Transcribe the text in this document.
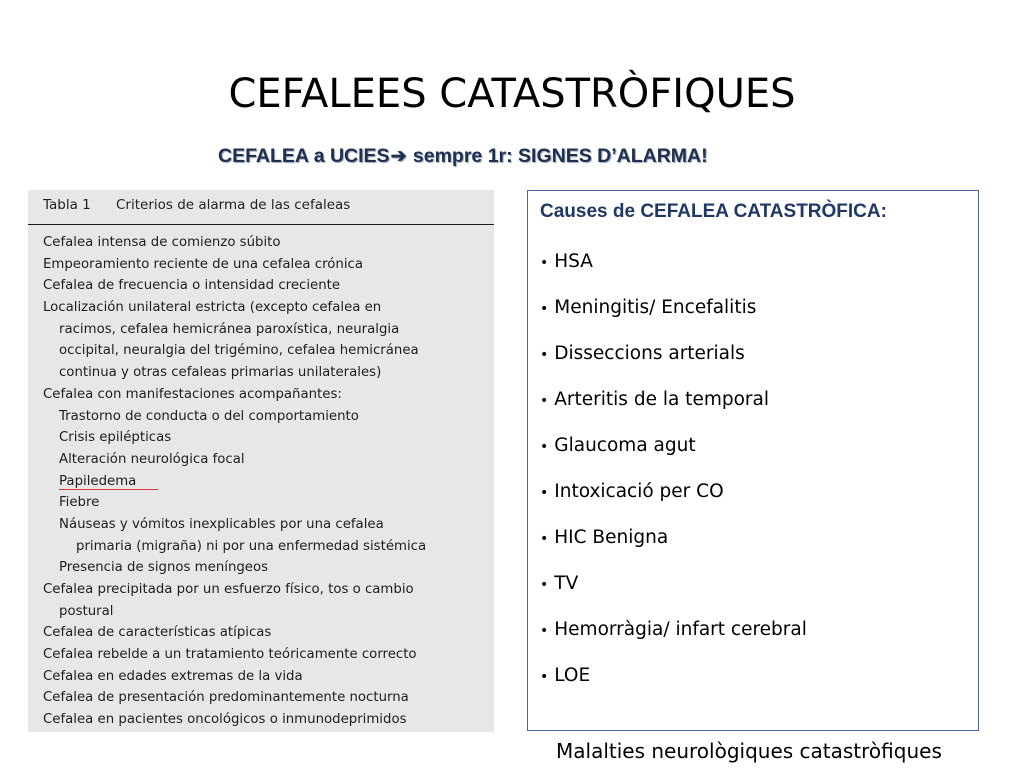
CEFALEES CATASTRÒFIQUES
CEFALEA a UCIES➔ sempre 1r: SIGNES D’ALARMA!
Tabla 1 Criterios de alarma de las cefaleas
Cefalea intensa de comienzo súbito
Empeoramiento reciente de una cefalea crónica
Cefalea de frecuencia o intensidad creciente
Localización unilateral estricta (excepto cefalea en
racimos, cefalea hemicránea paroxística, neuralgia
occipital, neuralgia del trigémino, cefalea hemicránea
continua y otras cefaleas primarias unilaterales)
Cefalea con manifestaciones acompañantes:
Trastorno de conducta o del comportamiento
Crisis epilépticas
Alteración neurológica focal
Papiledema
Fiebre
Náuseas y vómitos inexplicables por una cefalea
primaria (migraña) ni por una enfermedad sistémica
Presencia de signos meníngeos
Cefalea precipitada por un esfuerzo físico, tos o cambio
postural
Cefalea de características atípicas
Cefalea rebelde a un tratamiento teóricamente correcto
Cefalea en edades extremas de la vida
Cefalea de presentación predominantemente nocturna
Cefalea en pacientes oncológicos o inmunodeprimidos
Causes de CEFALEA CATASTRÒFICA:
• HSA
• Meningitis/ Encefalitis
• Disseccions arterials
• Arteritis de la temporal
• Glaucoma agut
• Intoxicació per CO
• HIC Benigna
• TV
• Hemorràgia/ infart cerebral
• LOE
Malalties neurològiques catastròfiques
